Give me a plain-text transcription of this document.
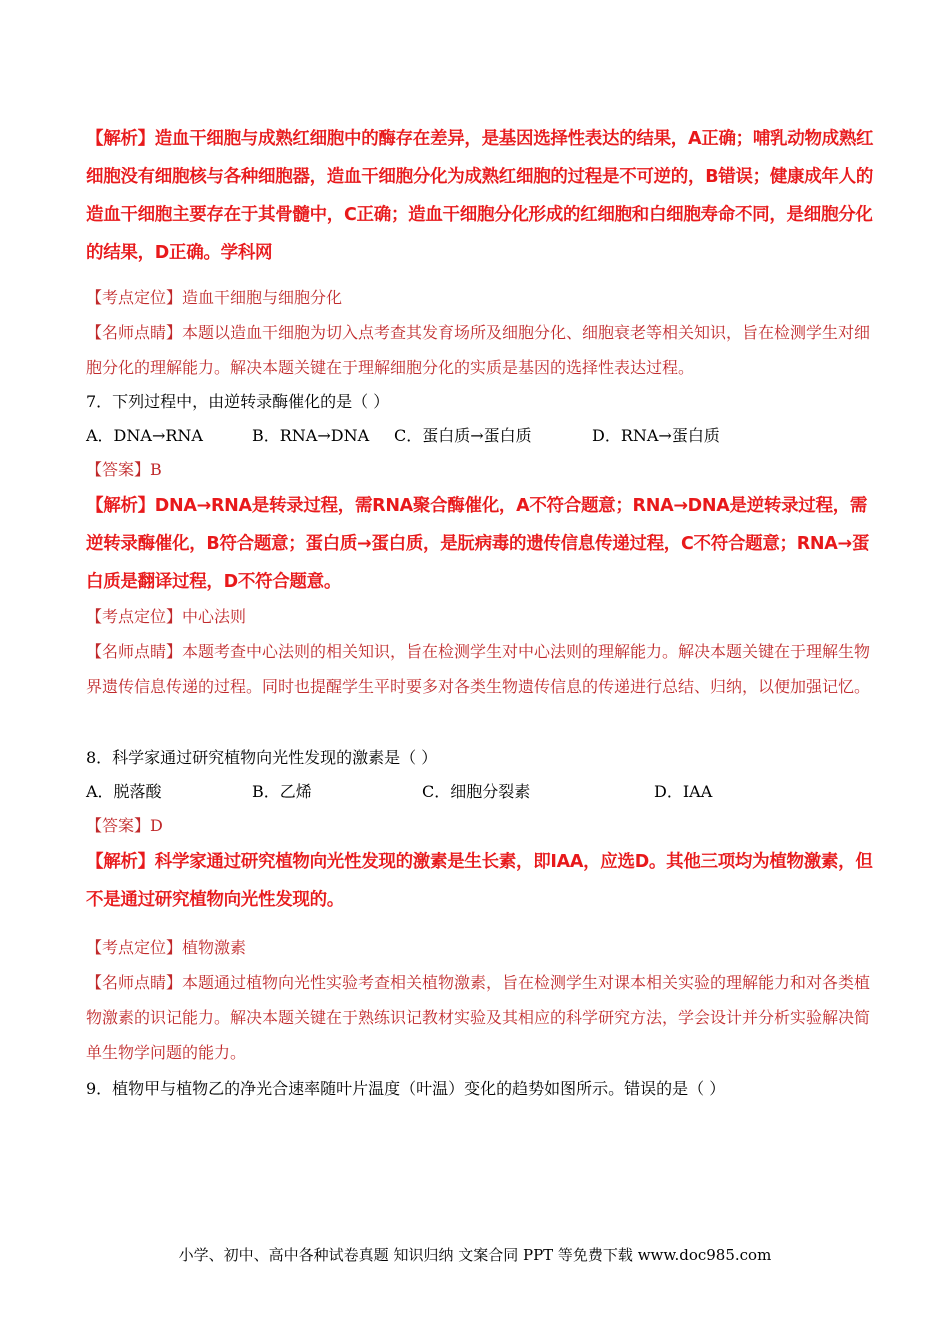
【解析】造血干细胞与成熟红细胞中的酶存在差异，是基因选择性表达的结果，A正确；哺乳动物成熟红细胞没有细胞核与各种细胞器，造血干细胞分化为成熟红细胞的过程是不可逆的，B错误；健康成年人的造血干细胞主要存在于其骨髓中，C正确；造血干细胞分化形成的红细胞和白细胞寿命不同，是细胞分化的结果，D正确。学科网
【考点定位】造血干细胞与细胞分化
【名师点睛】本题以造血干细胞为切入点考查其发育场所及细胞分化、细胞衰老等相关知识，旨在检测学生对细胞分化的理解能力。解决本题关键在于理解细胞分化的实质是基因的选择性表达过程。
7．下列过程中，由逆转录酶催化的是（ ）
A．DNA→RNA	B．RNA→DNA C．蛋白质→蛋白质	D．RNA→蛋白质
【答案】B
【解析】DNA→RNA是转录过程，需RNA聚合酶催化，A不符合题意；RNA→DNA是逆转录过程，需逆转录酶催化，B符合题意；蛋白质→蛋白质，是朊病毒的遗传信息传递过程，C不符合题意；RNA→蛋白质是翻译过程，D不符合题意。
【考点定位】中心法则
【名师点睛】本题考查中心法则的相关知识，旨在检测学生对中心法则的理解能力。解决本题关键在于理解生物界遗传信息传递的过程。同时也提醒学生平时要多对各类生物遗传信息的传递进行总结、归纳，以便加强记忆。
8．科学家通过研究植物向光性发现的激素是（ ）
A．脱落酸	B．乙烯	C．细胞分裂素	D．IAA
【答案】D
【解析】科学家通过研究植物向光性发现的激素是生长素，即IAA，应选D。其他三项均为植物激素，但不是通过研究植物向光性发现的。
【考点定位】植物激素
【名师点睛】本题通过植物向光性实验考查相关植物激素，旨在检测学生对课本相关实验的理解能力和对各类植物激素的识记能力。解决本题关键在于熟练识记教材实验及其相应的科学研究方法，学会设计并分析实验解决简单生物学问题的能力。
9．植物甲与植物乙的净光合速率随叶片温度（叶温）变化的趋势如图所示。错误的是（ ）
小学、初中、高中各种试卷真题 知识归纳 文案合同 PPT 等免费下载 www.doc985.com
